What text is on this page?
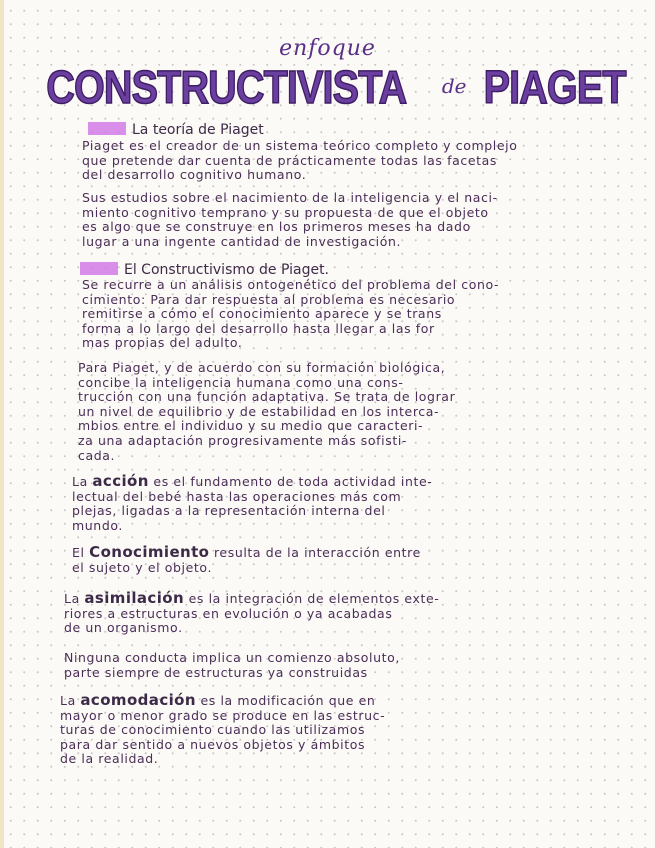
enfoque
CONSTRUCTIVISTA de PIAGET
La teoría de Piaget
El Constructivismo de Piaget.
Piaget es el creador de un sistema teórico completo y complejo
que pretende dar cuenta de prácticamente todas las facetas
del desarrollo cognitivo humano.
Sus estudios sobre el nacimiento de la inteligencia y el naci-
miento cognitivo temprano y su propuesta de que el objeto
es algo que se construye en los primeros meses ha dado
lugar a una ingente cantidad de investigación.
Se recurre a un análisis ontogenético del problema del cono-
cimiento: Para dar respuesta al problema es necesario
remitirse a cómo el conocimiento aparece y se trans
forma a lo largo del desarrollo hasta llegar a las for
mas propias del adulto.
Para Piaget, y de acuerdo con su formación biológica,
concibe la inteligencia humana como una cons-
trucción con una función adaptativa. Se trata de lograr
un nivel de equilibrio y de estabilidad en los interca-
mbios entre el individuo y su medio que caracteri-
za una adaptación progresivamente más sofisti-
cada.
La acción es el fundamento de toda actividad inte-
lectual del bebé hasta las operaciones más com
plejas, ligadas a la representación interna del
mundo.
El Conocimiento resulta de la interacción entre
el sujeto y el objeto.
La asimilación es la integración de elementos exte-
riores a estructuras en evolución o ya acabadas
de un organismo.
Ninguna conducta implica un comienzo absoluto,
parte siempre de estructuras ya construidas
La acomodación es la modificación que en
mayor o menor grado se produce en las estruc-
turas de conocimiento cuando las utilizamos
para dar sentido a nuevos objetos y ámbitos
de la realidad.
